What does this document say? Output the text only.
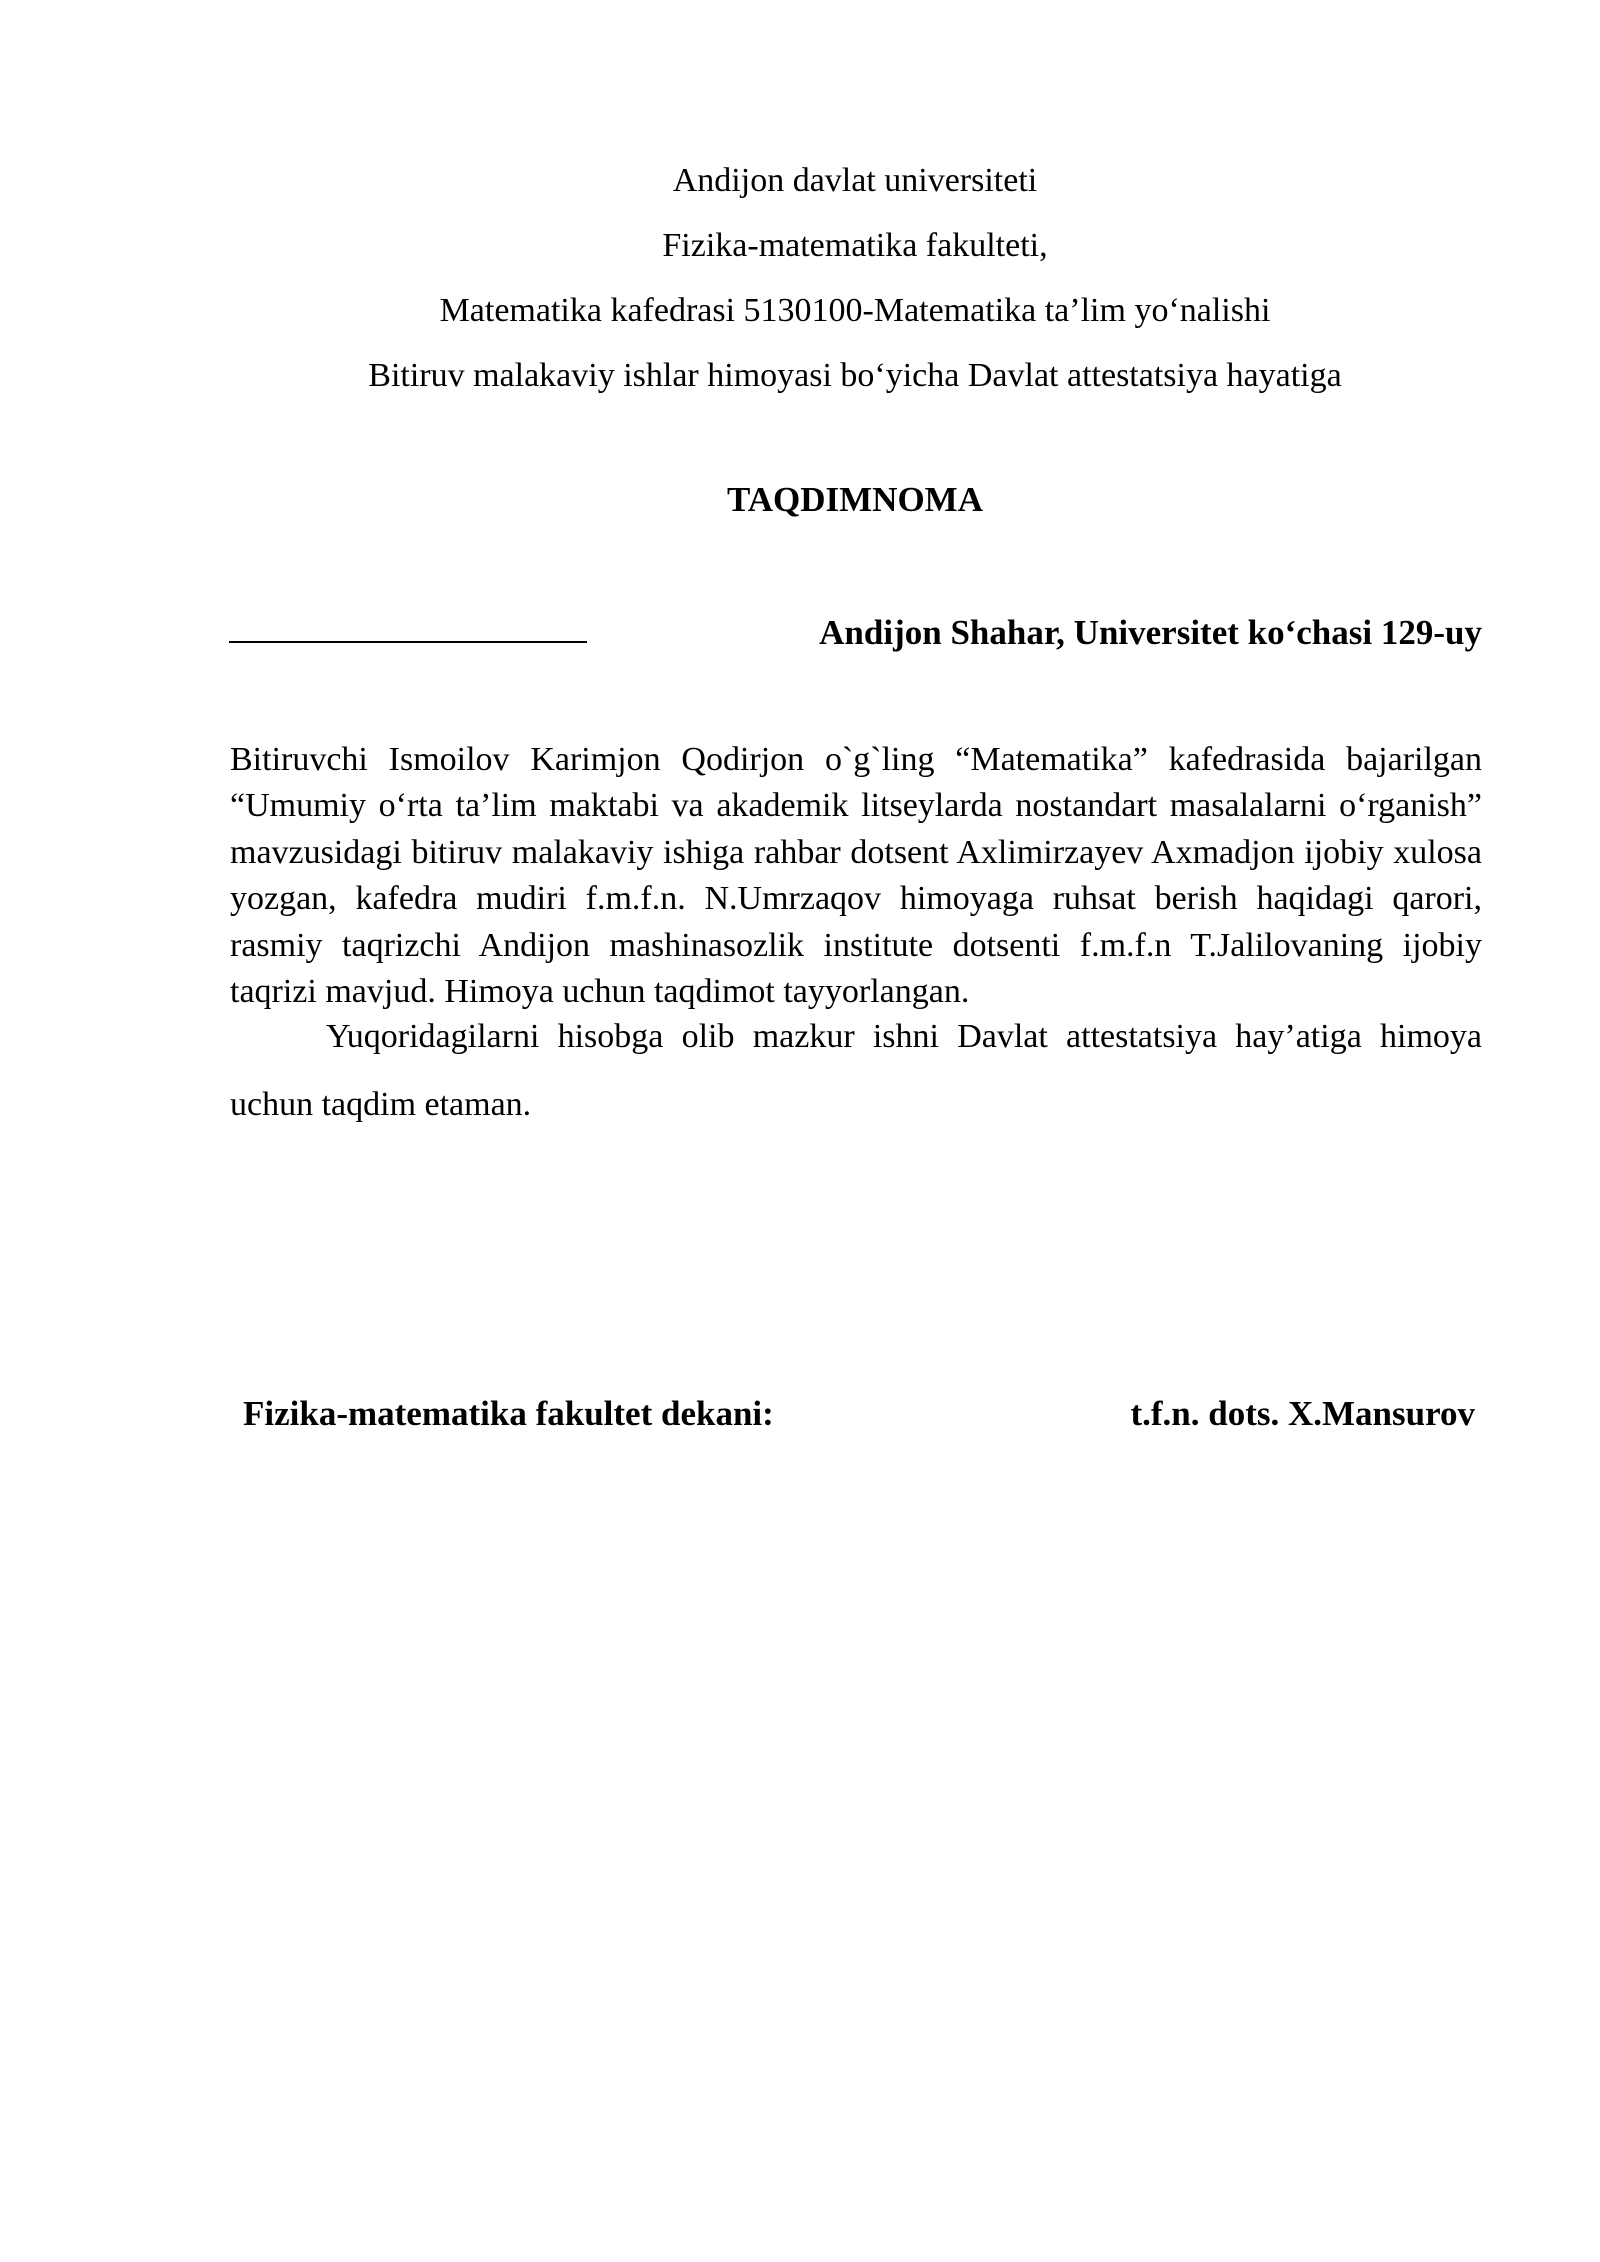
Andijon davlat universiteti
Fizika-matematika fakulteti,
Matematika kafedrasi 5130100-Matematika ta’lim yo‘nalishi
Bitiruv malakaviy ishlar himoyasi bo‘yicha Davlat attestatsiya hayatiga
TAQDIMNOMA
Andijon Shahar, Universitet ko‘chasi 129-uy

Bitiruvchi Ismoilov Karimjon Qodirjon o`g`ling “Matematika” kafedrasida bajarilgan “Umumiy o‘rta ta’lim maktabi va akademik litseylarda nostandart masalalarni o‘rganish” mavzusidagi bitiruv malakaviy ishiga rahbar dotsent Axlimirzayev Axmadjon ijobiy xulosa yozgan, kafedra mudiri f.m.f.n. N.Umrzaqov himoyaga ruhsat berish haqidagi qarori, rasmiy taqrizchi Andijon mashinasozlik institute dotsenti f.m.f.n T.Jalilovaning ijobiy taqrizi mavjud. Himoya uchun taqdimot tayyorlangan.

Yuqoridagilarni hisobga olib mazkur ishni Davlat attestatsiya hay’atiga himoya uchun taqdim etaman.

Fizika-matematika fakultet dekani:	t.f.n. dots. X.Mansurov
